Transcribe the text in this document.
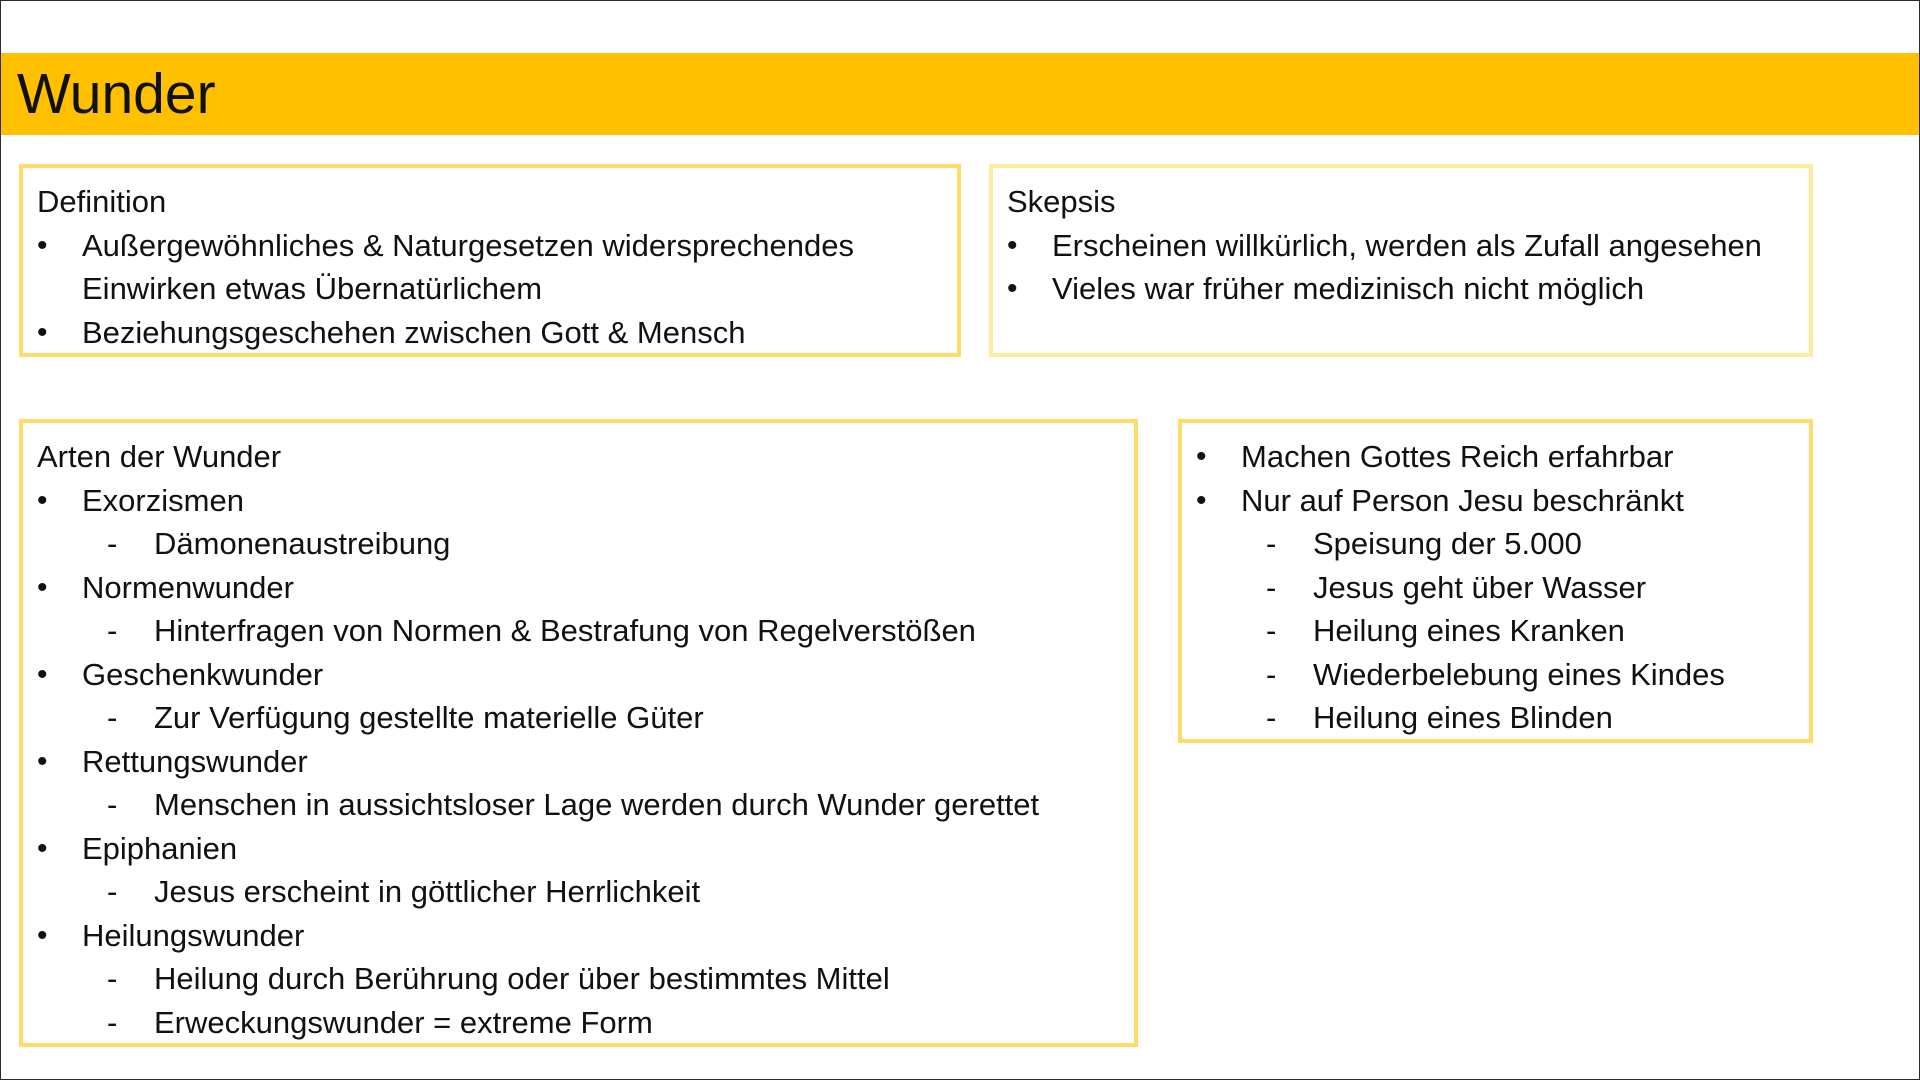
Wunder
Definition
•	Außergewöhnliches & Naturgesetzen widersprechendes Einwirken etwas Übernatürlichem
•	Beziehungsgeschehen zwischen Gott & Mensch
Skepsis
•	Erscheinen willkürlich, werden als Zufall angesehen
•	Vieles war früher medizinisch nicht möglich
Arten der Wunder
•	Exorzismen
-	Dämonenaustreibung
•	Normenwunder
-	Hinterfragen von Normen & Bestrafung von Regelverstößen
•	Geschenkwunder
-	Zur Verfügung gestellte materielle Güter
•	Rettungswunder
-	Menschen in aussichtsloser Lage werden durch Wunder gerettet
•	Epiphanien
-	Jesus erscheint in göttlicher Herrlichkeit
•	Heilungswunder
-	Heilung durch Berührung oder über bestimmtes Mittel
-	Erweckungswunder = extreme Form
•	Machen Gottes Reich erfahrbar
•	Nur auf Person Jesu beschränkt
-	Speisung der 5.000
-	Jesus geht über Wasser
-	Heilung eines Kranken
-	Wiederbelebung eines Kindes
-	Heilung eines Blinden
